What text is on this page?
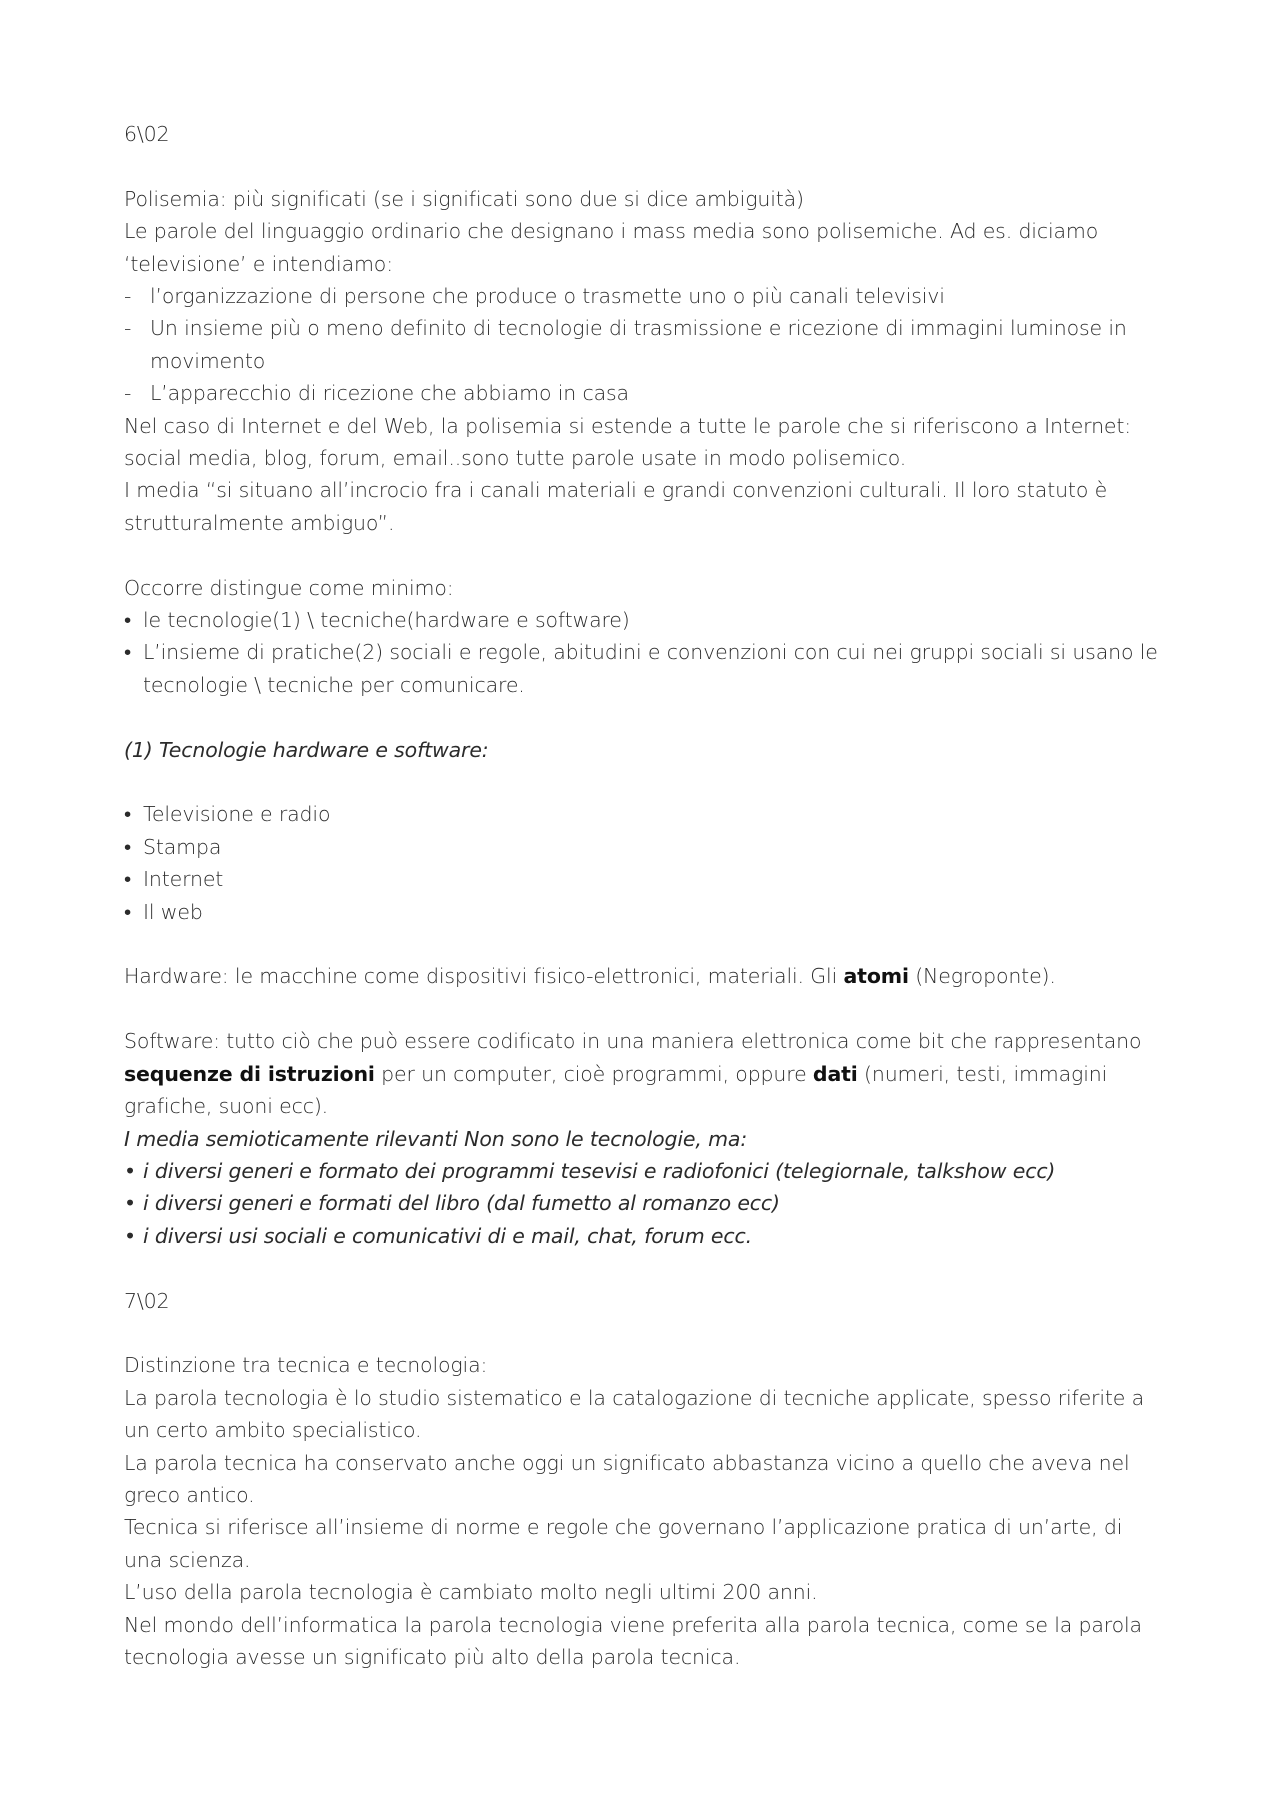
6\02

Polisemia: più significati (se i significati sono due si dice ambiguità)

Le parole del linguaggio ordinario che designano i mass media sono polisemiche. Ad es. diciamo ‘televisione’ e intendiamo:

- l’organizzazione di persone che produce o trasmette uno o più canali televisivi
- Un insieme più o meno definito di tecnologie di trasmissione e ricezione di immagini luminose in movimento
- L’apparecchio di ricezione che abbiamo in casa

Nel caso di Internet e del Web, la polisemia si estende a tutte le parole che si riferiscono a Internet: social media, blog, forum, email..sono tutte parole usate in modo polisemico.

I media “si situano all’incrocio fra i canali materiali e grandi convenzioni culturali. Il loro statuto è strutturalmente ambiguo”.

Occorre distingue come minimo:

• le tecnologie(1) \ tecniche(hardware e software)
• L’insieme di pratiche(2) sociali e regole, abitudini e convenzioni con cui nei gruppi sociali si usano le tecnologie \ tecniche per comunicare.

(1) Tecnologie hardware e software:

• Televisione e radio
• Stampa
• Internet
• Il web

Hardware: le macchine come dispositivi fisico-elettronici, materiali. Gli atomi (Negroponte).

Software: tutto ciò che può essere codificato in una maniera elettronica come bit che rappresentano sequenze di istruzioni per un computer, cioè programmi, oppure dati (numeri, testi, immagini grafiche, suoni ecc).

I media semioticamente rilevanti Non sono le tecnologie, ma:

• i diversi generi e formato dei programmi tesevisi e radiofonici (telegiornale, talkshow ecc)
• i diversi generi e formati del libro (dal fumetto al romanzo ecc)
• i diversi usi sociali e comunicativi di e mail, chat, forum ecc.

7\02

Distinzione tra tecnica e tecnologia:

La parola tecnologia è lo studio sistematico e la catalogazione di tecniche applicate, spesso riferite a un certo ambito specialistico.

La parola tecnica ha conservato anche oggi un significato abbastanza vicino a quello che aveva nel greco antico.

Tecnica si riferisce all’insieme di norme e regole che governano l’applicazione pratica di un’arte, di una scienza.

L’uso della parola tecnologia è cambiato molto negli ultimi 200 anni.

Nel mondo dell’informatica la parola tecnologia viene preferita alla parola tecnica, come se la parola tecnologia avesse un significato più alto della parola tecnica.
